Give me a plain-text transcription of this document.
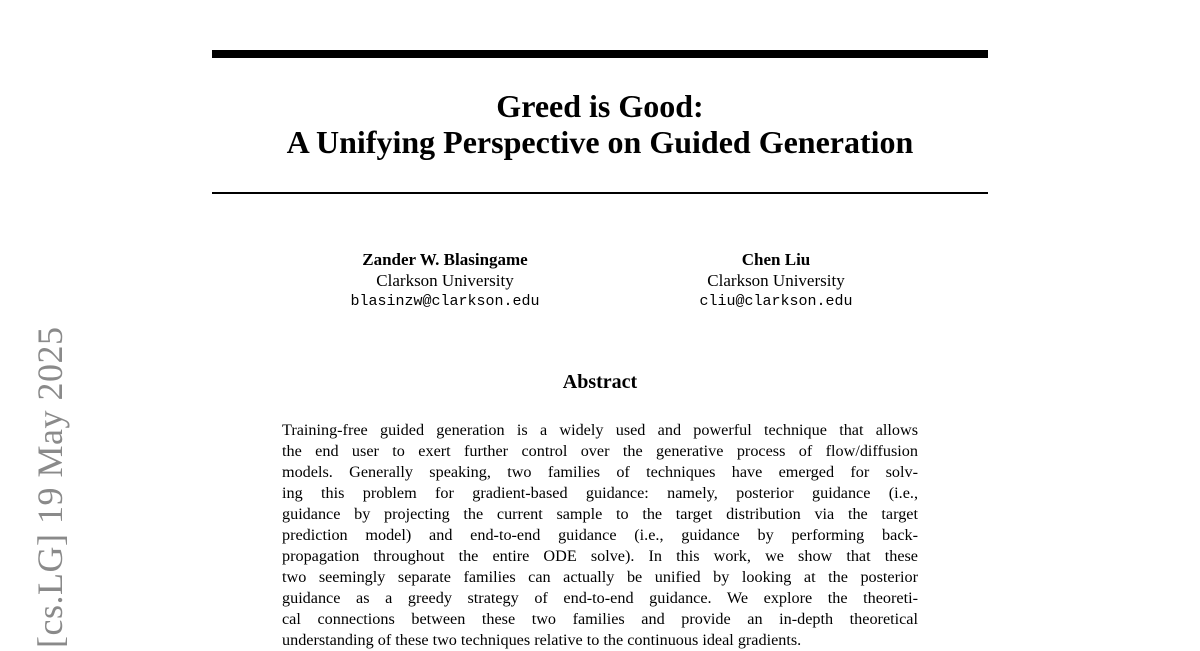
Greed is Good:
A Unifying Perspective on Guided Generation
Zander W. Blasingame
Clarkson University
blasinzw@clarkson.edu
Chen Liu
Clarkson University
cliu@clarkson.edu
Abstract
Training-free guided generation is a widely used and powerful technique that allows
the end user to exert further control over the generative process of flow/diffusion
models. Generally speaking, two families of techniques have emerged for solv-
ing this problem for gradient-based guidance: namely, posterior guidance (i.e.,
guidance by projecting the current sample to the target distribution via the target
prediction model) and end-to-end guidance (i.e., guidance by performing back-
propagation throughout the entire ODE solve). In this work, we show that these
two seemingly separate families can actually be unified by looking at the posterior
guidance as a greedy strategy of end-to-end guidance. We explore the theoreti-
cal connections between these two families and provide an in-depth theoretical
understanding of these two techniques relative to the continuous ideal gradients.
[cs.LG] 19 May 2025
